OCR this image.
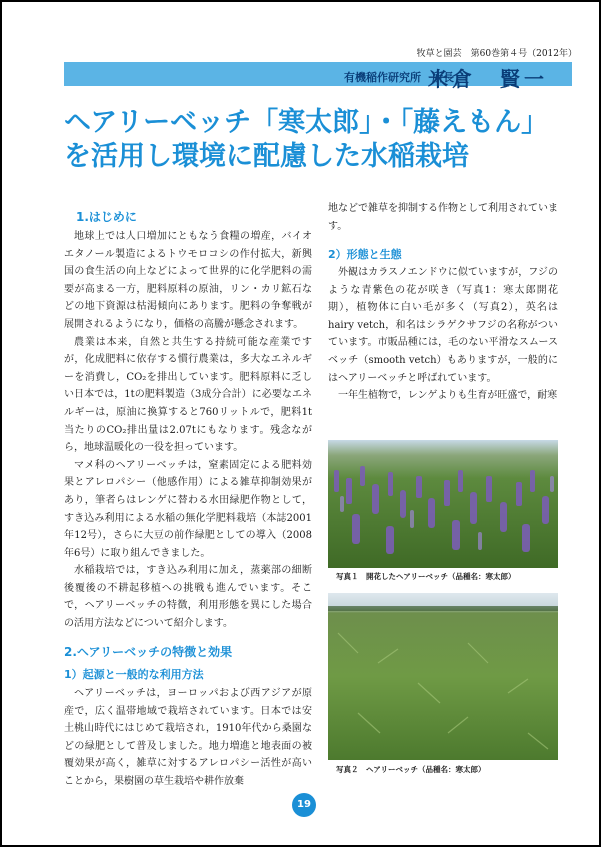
牧草と園芸　第60巻第４号（2012年）
有機稲作研究所　所長
米倉　賢一
ヘアリーベッチ「寒太郎」・「藤えもん」
を活用し環境に配慮した水稲栽培
1.はじめに

地球上では人口増加にともなう食糧の増産，バイオエタノール製造によるトウモロコシの作付拡大，新興国の食生活の向上などによって世界的に化学肥料の需要が高まる一方，肥料原料の原油，リン・カリ鉱石などの地下資源は枯渇傾向にあります。肥料の争奪戦が展開されるようになり，価格の高騰が懸念されます。

農業は本来，自然と共生する持続可能な産業ですが，化成肥料に依存する慣行農業は，多大なエネルギーを消費し，CO₂を排出しています。肥料原料に乏しい日本では，1tの肥料製造（3成分合計）に必要なエネルギーは，原油に換算すると760リットルで，肥料1t当たりのCO₂排出量は2.07tにもなります。残念ながら，地球温暖化の一役を担っています。

マメ科のヘアリーベッチは，窒素固定による肥料効果とアレロパシー（他感作用）による雑草抑制効果があり，筆者らはレンゲに替わる水田緑肥作物として，すき込み利用による水稲の無化学肥料栽培（本誌2001年12号），さらに大豆の前作緑肥としての導入（2008年6号）に取り組んできました。

水稲栽培では，すき込み利用に加え，蒸薬部の細断後覆後の不耕起移植への挑戦も進んでいます。そこで，ヘアリーベッチの特徴，利用形態を異にした場合の活用方法などについて紹介します。

2.ヘアリーベッチの特徴と効果
1）起源と一般的な利用方法

ヘアリーベッチは，ヨーロッパおよび西アジアが原産で，広く温帯地域で栽培されています。日本では安土桃山時代にはじめて栽培され，1910年代から桑園などの緑肥として普及しました。地力増進と地表面の被覆効果が高く，雑草に対するアレロパシー活性が高いことから，果樹園の草生栽培や耕作放棄

地などで雑草を抑制する作物として利用されています。

2）形態と生態

外観はカラスノエンドウに似ていますが，フジのような青紫色の花が咲き（写真1：寒太郎開花期），植物体に白い毛が多く（写真2），英名はhairy vetch，和名はシラゲクサフジの名称がついています。市販品種には，毛のない平滑なスムースベッチ（smooth vetch）もありますが，一般的にはヘアリーベッチと呼ばれています。

一年生植物で，レンゲよりも生育が旺盛で，耐寒

写真１　開花したヘアリーベッチ（品種名：寒太郎）
写真２　ヘアリーベッチ（品種名：寒太郎）
19
